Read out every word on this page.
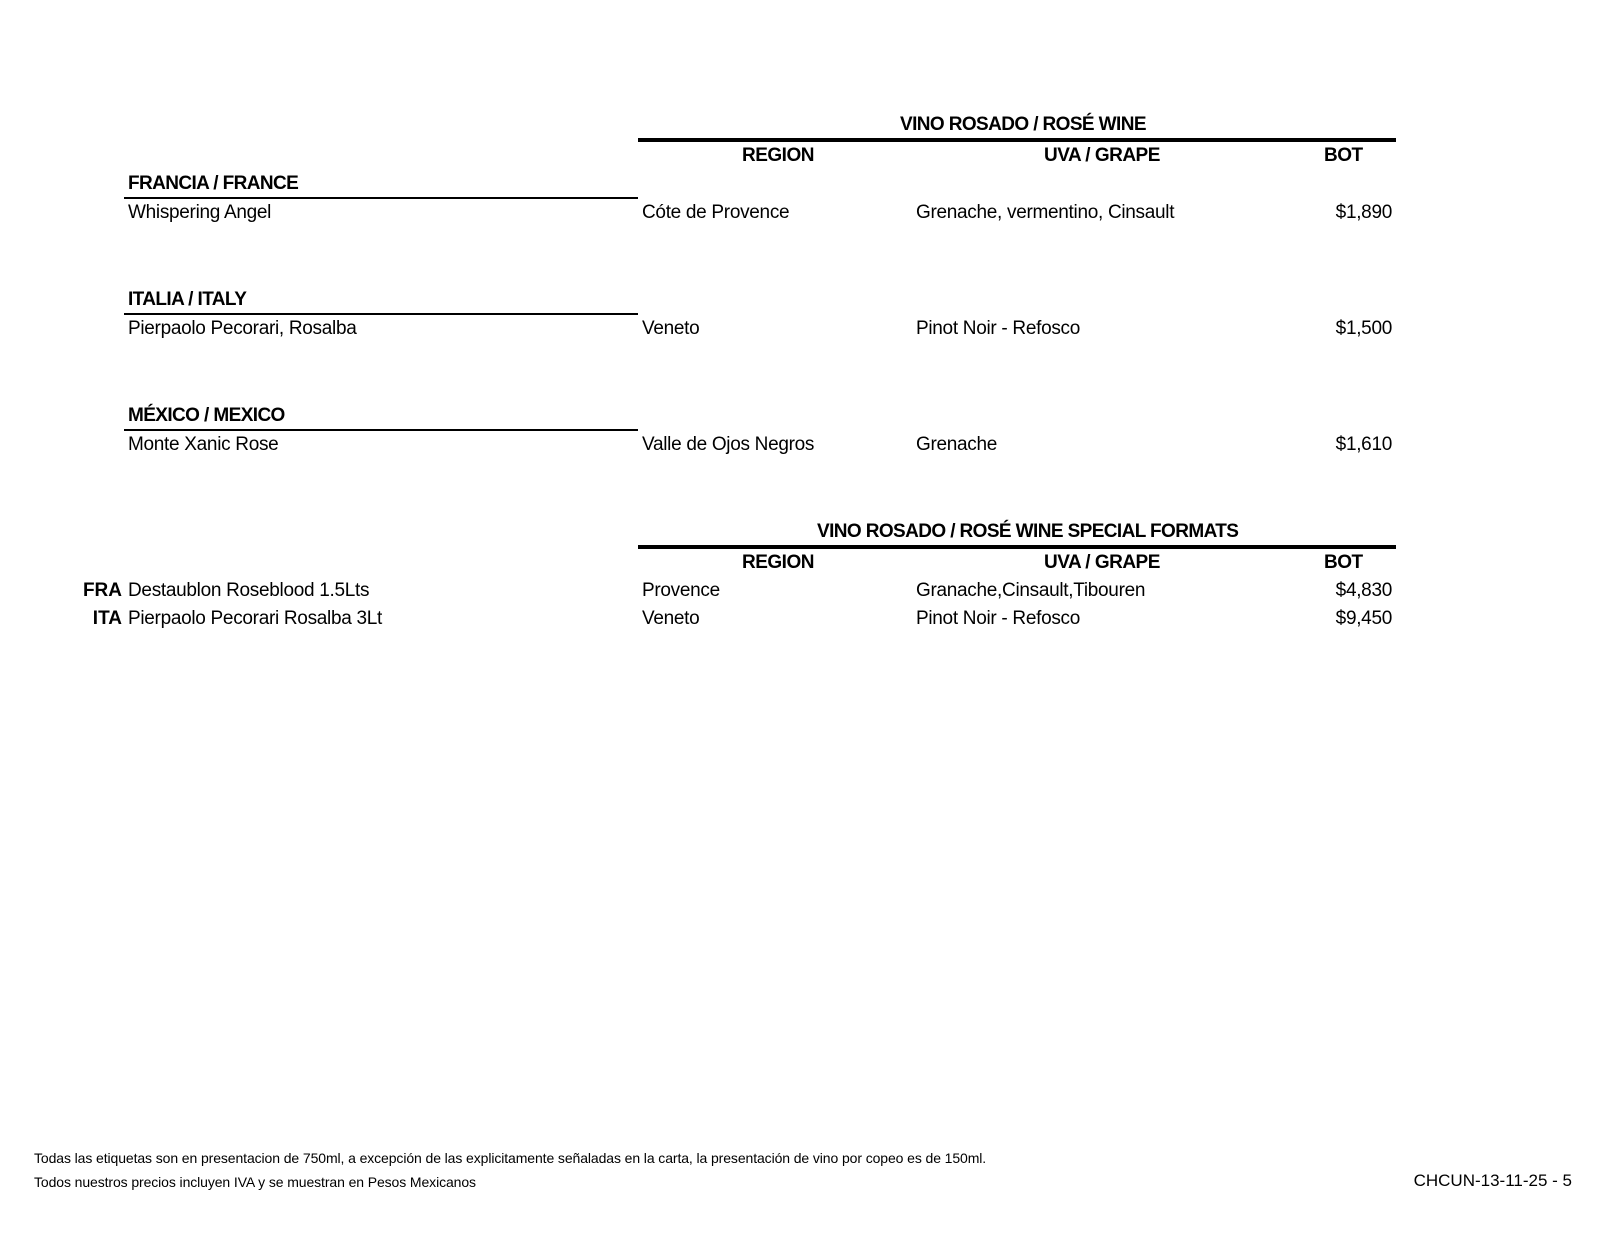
VINO ROSADO / ROSÉ WINE
REGION	UVA / GRAPE	BOT
FRANCIA / FRANCE
Whispering Angel	Cóte de Provence	Grenache, vermentino, Cinsault	$1,890
ITALIA / ITALY
Pierpaolo Pecorari, Rosalba	Veneto	Pinot Noir - Refosco	$1,500
MÉXICO / MEXICO
Monte Xanic Rose	Valle de Ojos Negros	Grenache	$1,610
VINO ROSADO / ROSÉ WINE SPECIAL FORMATS
REGION	UVA / GRAPE	BOT
FRA Destaublon Roseblood 1.5Lts	Provence	Granache,Cinsault,Tibouren	$4,830
ITA Pierpaolo Pecorari Rosalba 3Lt	Veneto	Pinot Noir - Refosco	$9,450
Todas las etiquetas son en presentacion de 750ml, a excepción de las explicitamente señaladas en la carta, la presentación de vino por copeo es de 150ml.
Todos nuestros precios incluyen IVA y se muestran en Pesos Mexicanos	CHCUN-13-11-25 - 5
